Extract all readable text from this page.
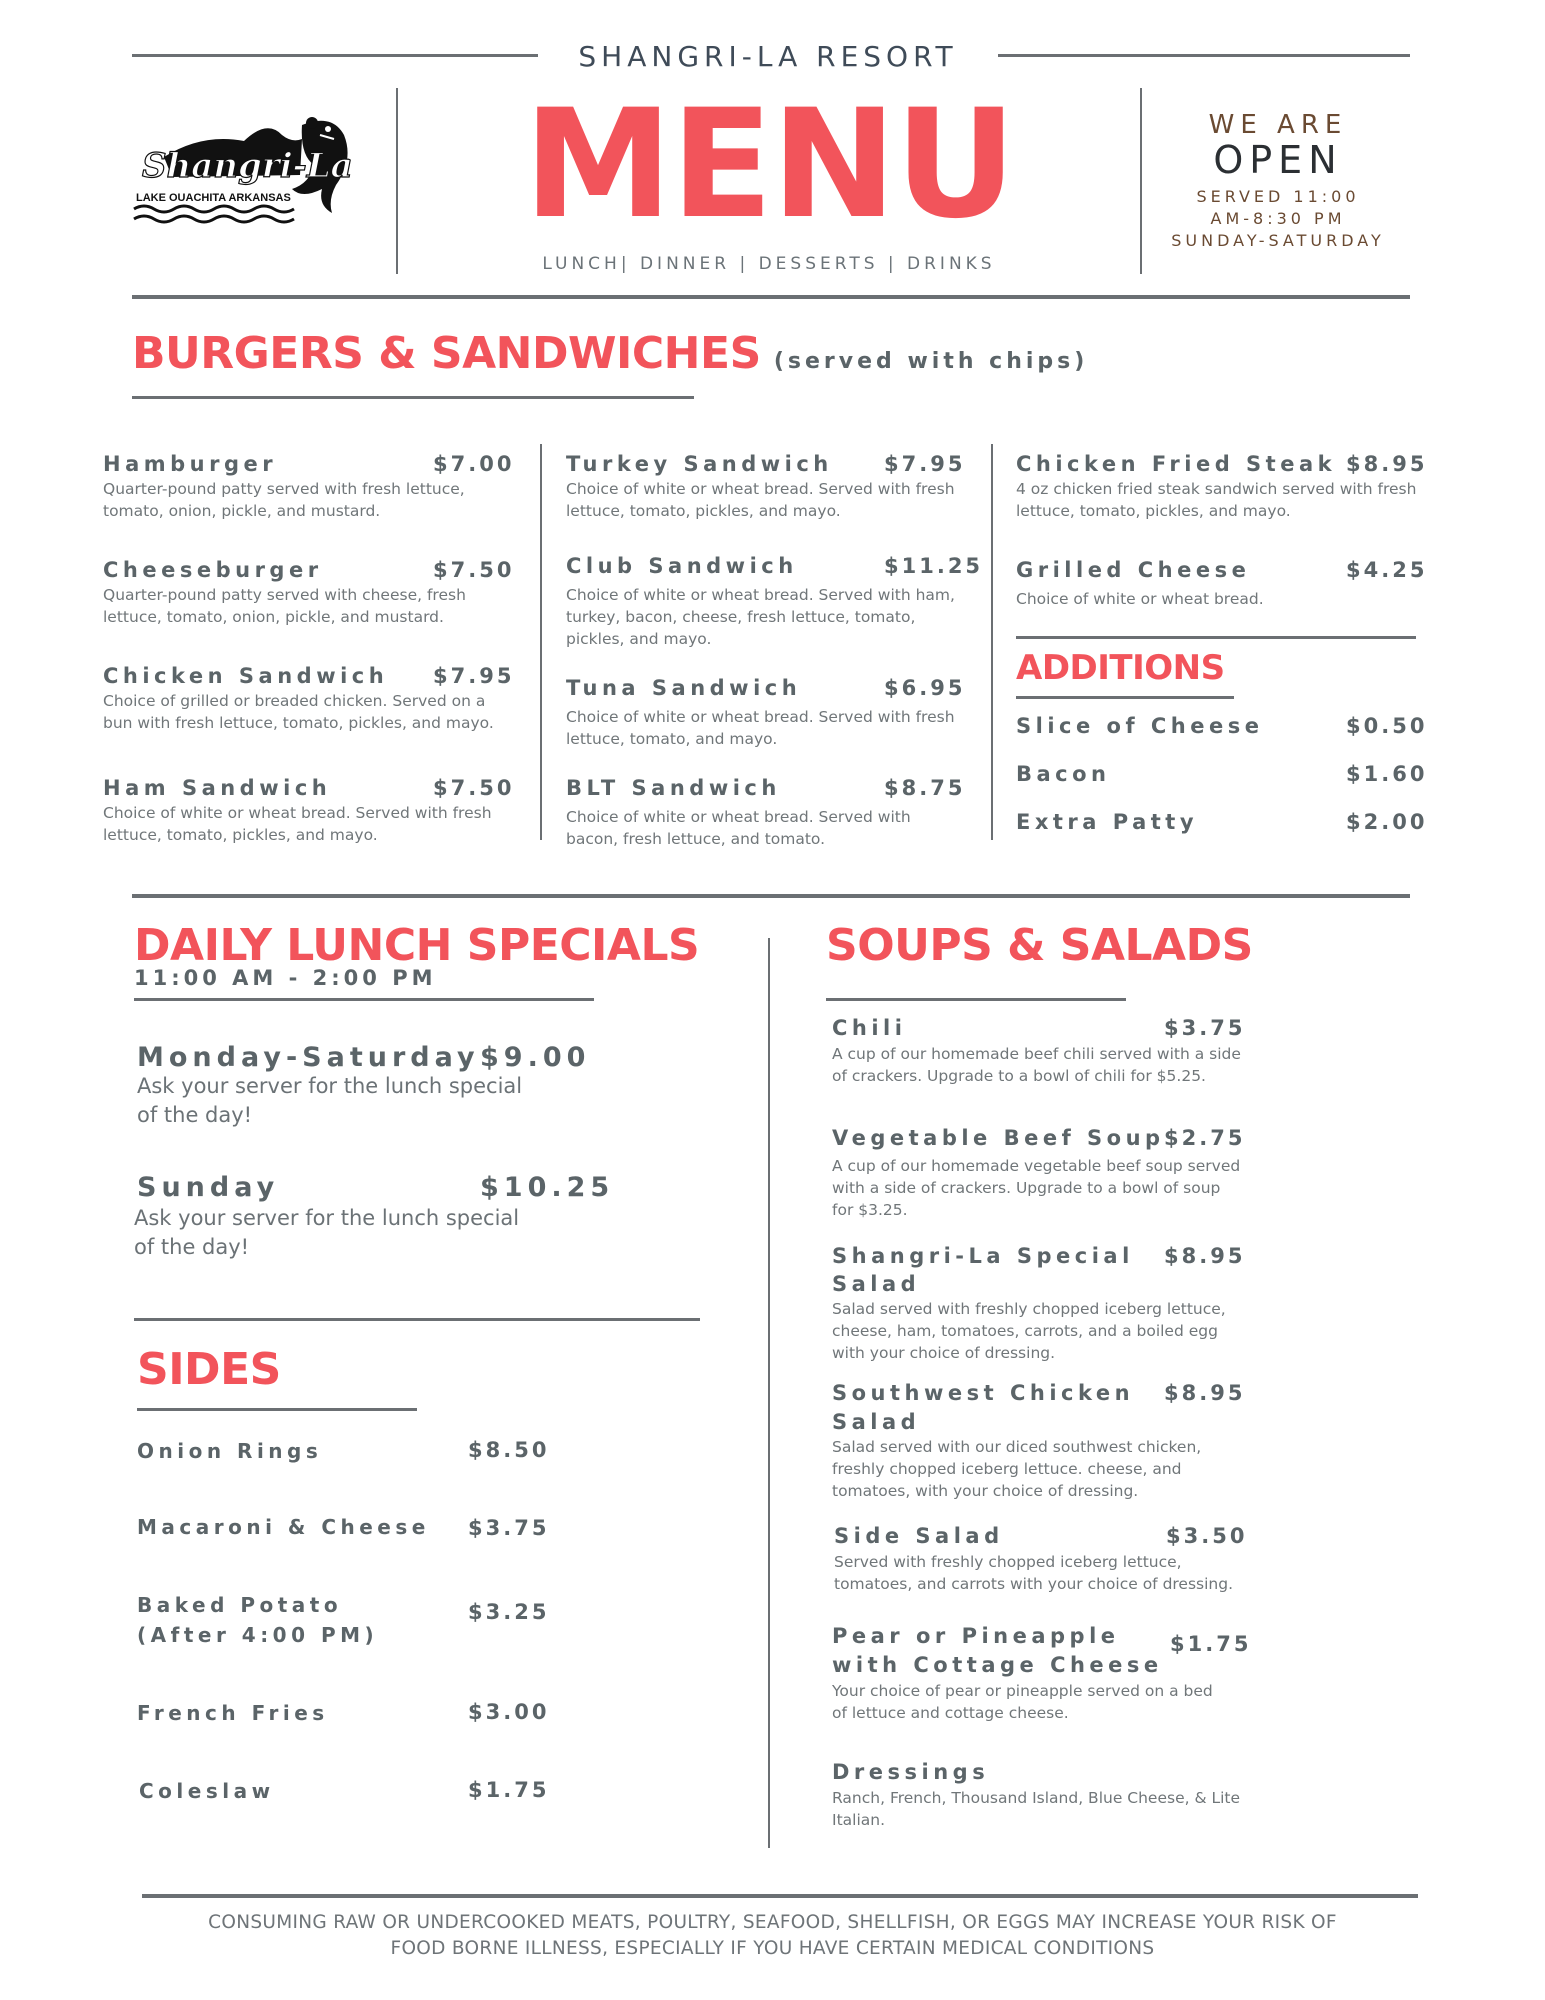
SHANGRI-LA RESORT
Shangri-La
LAKE OUACHITA ARKANSAS	MENU
LUNCH| DINNER | DESSERTS | DRINKS
WE ARE
OPEN
SERVED 11:00
AM-8:30 PM
SUNDAY-SATURDAY
BURGERS & SANDWICHES (served with chips)
Hamburger	$7.00
Quarter-pound patty served with fresh lettuce, tomato, onion, pickle, and mustard.
Cheeseburger	$7.50
Quarter-pound patty served with cheese, fresh lettuce, tomato, onion, pickle, and mustard.
Chicken Sandwich $7.95
Choice of grilled or breaded chicken. Served on a bun with fresh lettuce, tomato, pickles, and mayo.
Ham Sandwich	$7.50
Choice of white or wheat bread. Served with fresh lettuce, tomato, pickles, and mayo.
Turkey Sandwich $7.95
Choice of white or wheat bread. Served with fresh lettuce, tomato, pickles, and mayo.
Club Sandwich	$11.25
Choice of white or wheat bread. Served with ham, turkey, bacon, cheese, fresh lettuce, tomato, pickles, and mayo.
Tuna Sandwich	$6.95
Choice of white or wheat bread. Served with fresh lettuce, tomato, and mayo.
BLT Sandwich	$8.75
Choice of white or wheat bread. Served with bacon, fresh lettuce, and tomato.
Chicken Fried Steak $8.95
4 oz chicken fried steak sandwich served with fresh lettuce, tomato, pickles, and mayo.
Grilled Cheese	$4.25
Choice of white or wheat bread.
ADDITIONS
Slice of Cheese	$0.50
Bacon	$1.60
Extra Patty	$2.00
DAILY LUNCH SPECIALS
11:00 AM - 2:00 PM
Monday-Saturday $9.00
Ask your server for the lunch special
of the day!
Sunday	$10.25
Ask your server for the lunch special
of the day!
SIDES
Onion Rings	$8.50
Macaroni & Cheese $3.75
Baked Potato
(After 4:00 PM)
$3.25
French Fries	$3.00
Coleslaw	$1.75
SOUPS & SALADS
Chili	$3.75
A cup of our homemade beef chili served with a side of crackers. Upgrade to a bowl of chili for $5.25.
Vegetable Beef Soup $2.75
A cup of our homemade vegetable beef soup served with a side of crackers. Upgrade to a bowl of soup for $3.25.
Shangri-La Special
Salad
$8.95
Salad served with freshly chopped iceberg lettuce, cheese, ham, tomatoes, carrots, and a boiled egg with your choice of dressing.
Southwest Chicken
Salad
$8.95
Salad served with our diced southwest chicken, freshly chopped iceberg lettuce. cheese, and tomatoes, with your choice of dressing.
Side Salad	$3.50
Served with freshly chopped iceberg lettuce, tomatoes, and carrots with your choice of dressing.
Pear or Pineapple
with Cottage Cheese
$1.75
Your choice of pear or pineapple served on a bed of lettuce and cottage cheese.
Dressings
Ranch, French, Thousand Island, Blue Cheese, & Lite Italian.
CONSUMING RAW OR UNDERCOOKED MEATS, POULTRY, SEAFOOD, SHELLFISH, OR EGGS MAY INCREASE YOUR RISK OF
FOOD BORNE ILLNESS, ESPECIALLY IF YOU HAVE CERTAIN MEDICAL CONDITIONS
